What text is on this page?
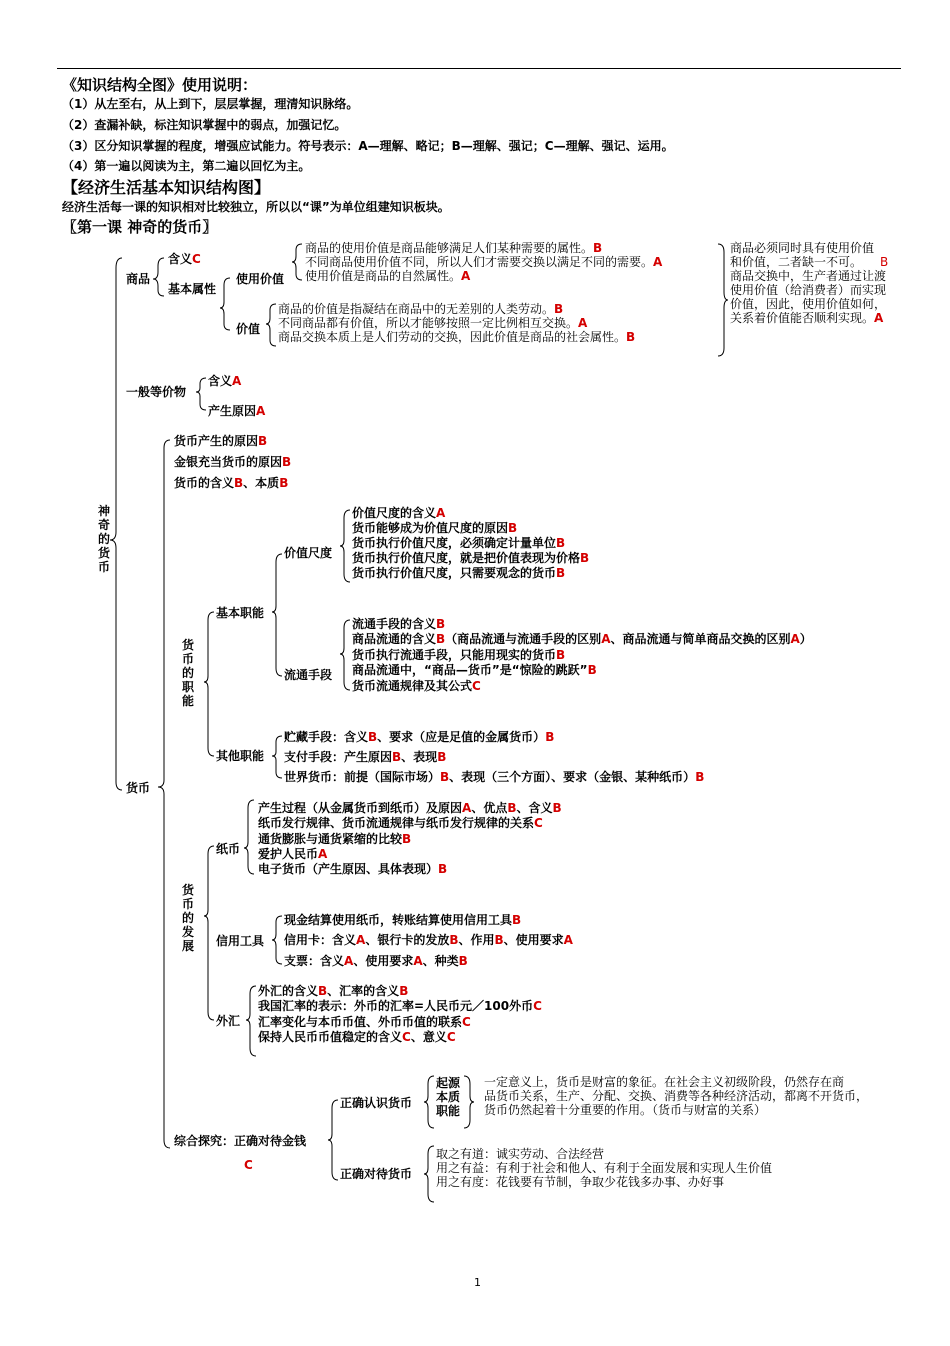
《知识结构全图》使用说明：
（1）从左至右，从上到下，层层掌握，理清知识脉络。
（2）查漏补缺，标注知识掌握中的弱点，加强记忆。
（3）区分知识掌握的程度，增强应试能力。符号表示：A—理解、略记；B—理解、强记；C—理解、强记、运用。
（4）第一遍以阅读为主，第二遍以回忆为主。
【经济生活基本知识结构图】
经济生活每一课的知识相对比较独立，所以以“课”为单位组建知识板块。
〖第一课 神奇的货币〗
神奇的货币
商品
含义C
基本属性
使用价值
价值
商品的使用价值是商品能够满足人们某种需要的属性。B
不同商品使用价值不同，所以人们才需要交换以满足不同的需要。A
使用价值是商品的自然属性。A
商品的价值是指凝结在商品中的无差别的人类劳动。B
不同商品都有价值，所以才能够按照一定比例相互交换。A
商品交换本质上是人们劳动的交换，因此价值是商品的社会属性。B
商品必须同时具有使用价值
和价值，二者缺一不可。 B
商品交换中，生产者通过让渡
使用价值（给消费者）而实现
价值，因此，使用价值如何，
关系着价值能否顺利实现。A
一般等价物
含义A
产生原因A
货币
货币产生的原因B
金银充当货币的原因B
货币的含义B、本质B
货币的职能
基本职能
价值尺度
价值尺度的含义A
货币能够成为价值尺度的原因B
货币执行价值尺度，必须确定计量单位B
货币执行价值尺度，就是把价值表现为价格B
货币执行价值尺度，只需要观念的货币B
流通手段
流通手段的含义B
商品流通的含义B（商品流通与流通手段的区别A、商品流通与简单商品交换的区别A）
货币执行流通手段，只能用现实的货币B
商品流通中，“商品—货币”是“惊险的跳跃”B
货币流通规律及其公式C
其他职能
贮藏手段：含义B、要求（应是足值的金属货币）B
支付手段：产生原因B、表现B
世界货币：前提（国际市场）B、表现（三个方面）、要求（金银、某种纸币）B
货币的发展
纸币
产生过程（从金属货币到纸币）及原因A、优点B、含义B
纸币发行规律、货币流通规律与纸币发行规律的关系C
通货膨胀与通货紧缩的比较B
爱护人民币A
电子货币（产生原因、具体表现）B
信用工具
现金结算使用纸币，转账结算使用信用工具B
信用卡：含义A、银行卡的发放B、作用B、使用要求A
支票：含义A、使用要求A、种类B
外汇
外汇的含义B、汇率的含义B
我国汇率的表示：外币的汇率=人民币元／100外币C
汇率变化与本币币值、外币币值的联系C
保持人民币币值稳定的含义C、意义C
综合探究：正确对待金钱
C
正确认识货币
起源
本质
职能
一定意义上，货币是财富的象征。在社会主义初级阶段，仍然存在商
品货币关系，生产、分配、交换、消费等各种经济活动，都离不开货币，
货币仍然起着十分重要的作用。（货币与财富的关系）
正确对待货币
取之有道：诚实劳动、合法经营
用之有益：有利于社会和他人、有利于全面发展和实现人生价值
用之有度：花钱要有节制，争取少花钱多办事、办好事
1
